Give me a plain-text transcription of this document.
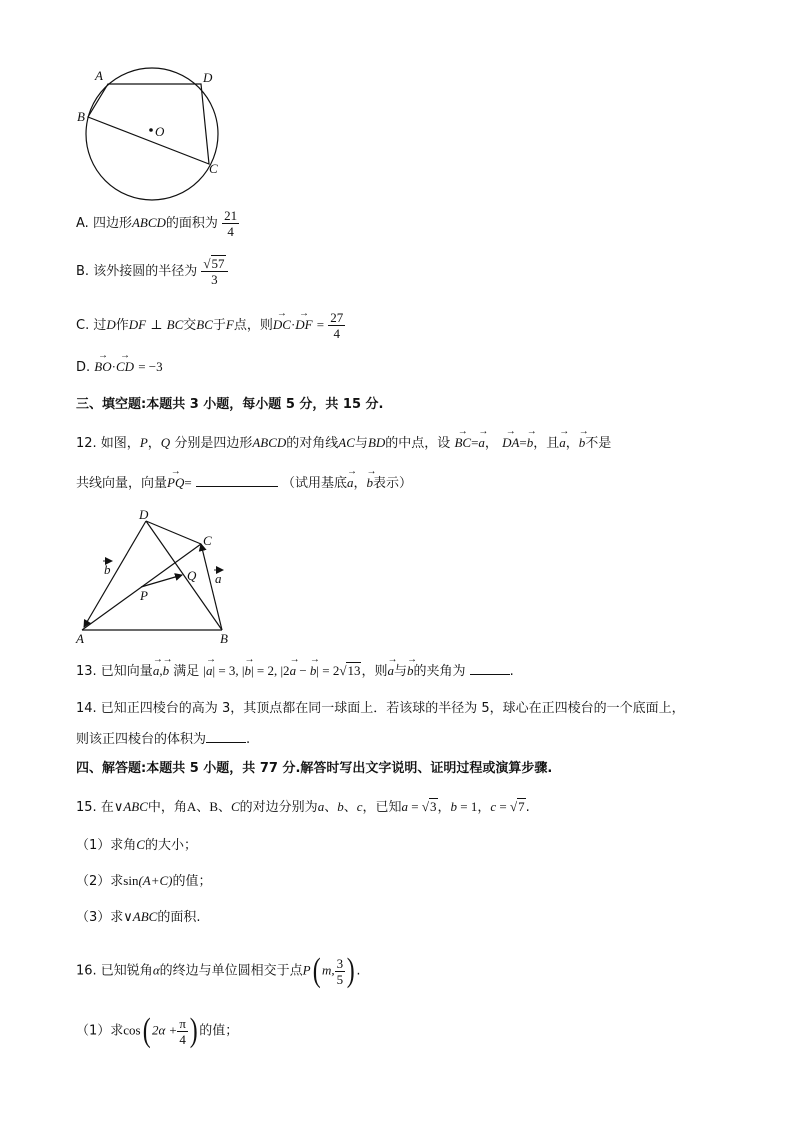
A	D
B
O
C
A. 四边形ABCD的面积为 $\frac{21}{4}$
B. 该外接圆的半径为 $\frac{√57}{3}$
C. 过D作DF ⊥ BC交BC于F点，则→ DC·→ DF = $\frac{27}{4}$
D. → BO·→ CD = −3
三、填空题:本题共 3 小题，每小题 5 分，共 15 分.
12. 如图，P，Q 分别是四边形ABCD的对角线AC与BD的中点，设 → BC=→ a， → DA=→ b，且→ a，→ b不是
共线向量，向量→ PQ=	（试用基底→ a，→ b表示）
D
C
A	B
P
Q
b
a
13. 已知向量→ a,→ b 满足 |→ a| = 3, |→ b| = 2, |2→ a − → b| = 2√13，则→ a与→ b的夹角为	.
14. 已知正四棱台的高为 3，其顶点都在同一球面上．若该球的半径为 5，球心在正四棱台的一个底面上，
则该正四棱台的体积为	.
四、解答题:本题共 5 小题，共 77 分.解答时写出文字说明、证明过程或演算步骤.
15. 在∨ABC中，角A、B、C的对边分别为a、b、c，已知a = √3，b = 1，c = √7.
（1）求角C的大小；
（2）求sin(A+C)的值；
（3）求∨ABC的面积.
16. 已知锐角α的终边与单位圆相交于点P( m, $\frac{3}{5}$ ) .
（1）求cos( $2\alpha + \frac{\pi}{4}$ ) 的值；
